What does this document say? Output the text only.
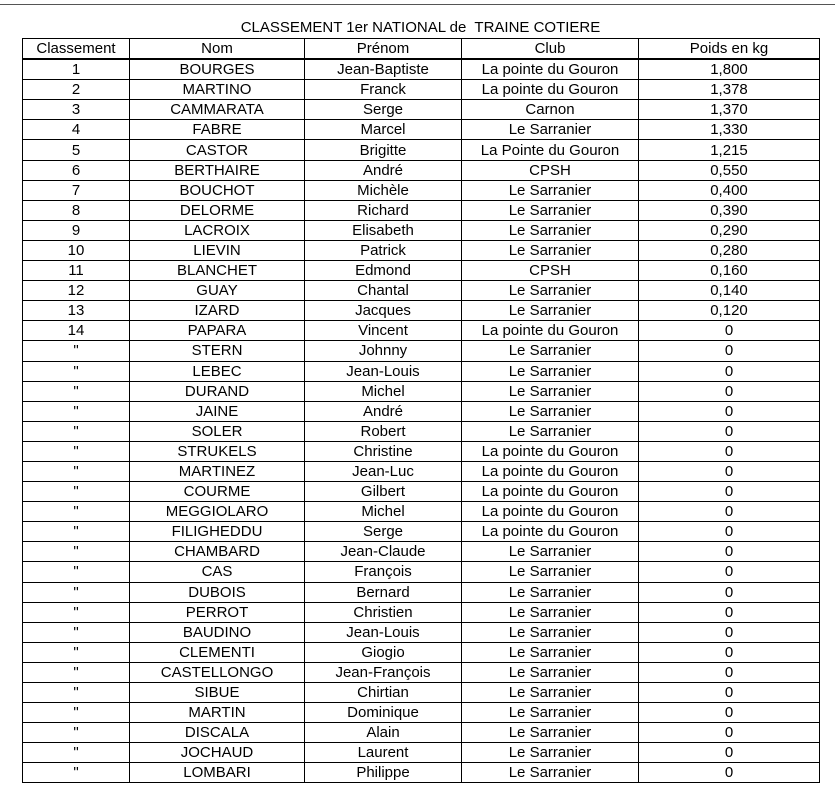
CLASSEMENT 1er NATIONAL de  TRAINE COTIERE
Classement	Nom	Prénom	Club	Poids en kg
1	BOURGES	Jean-Baptiste	La pointe du Gouron	1,800
2	MARTINO	Franck	La pointe du Gouron	1,378
3	CAMMARATA	Serge	Carnon	1,370
4	FABRE	Marcel	Le Sarranier	1,330
5	CASTOR	Brigitte	La Pointe du Gouron	1,215
6	BERTHAIRE	André	CPSH	0,550
7	BOUCHOT	Michèle	Le Sarranier	0,400
8	DELORME	Richard	Le Sarranier	0,390
9	LACROIX	Elisabeth	Le Sarranier	0,290
10	LIEVIN	Patrick	Le Sarranier	0,280
11	BLANCHET	Edmond	CPSH	0,160
12	GUAY	Chantal	Le Sarranier	0,140
13	IZARD	Jacques	Le Sarranier	0,120
14	PAPARA	Vincent	La pointe du Gouron	0
"	STERN	Johnny	Le Sarranier	0
"	LEBEC	Jean-Louis	Le Sarranier	0
"	DURAND	Michel	Le Sarranier	0
"	JAINE	André	Le Sarranier	0
"	SOLER	Robert	Le Sarranier	0
"	STRUKELS	Christine	La pointe du Gouron	0
"	MARTINEZ	Jean-Luc	La pointe du Gouron	0
"	COURME	Gilbert	La pointe du Gouron	0
"	MEGGIOLARO	Michel	La pointe du Gouron	0
"	FILIGHEDDU	Serge	La pointe du Gouron	0
"	CHAMBARD	Jean-Claude	Le Sarranier	0
"	CAS	François	Le Sarranier	0
"	DUBOIS	Bernard	Le Sarranier	0
"	PERROT	Christien	Le Sarranier	0
"	BAUDINO	Jean-Louis	Le Sarranier	0
"	CLEMENTI	Giogio	Le Sarranier	0
"	CASTELLONGO	Jean-François	Le Sarranier	0
"	SIBUE	Chirtian	Le Sarranier	0
"	MARTIN	Dominique	Le Sarranier	0
"	DISCALA	Alain	Le Sarranier	0
"	JOCHAUD	Laurent	Le Sarranier	0
"	LOMBARI	Philippe	Le Sarranier	0
